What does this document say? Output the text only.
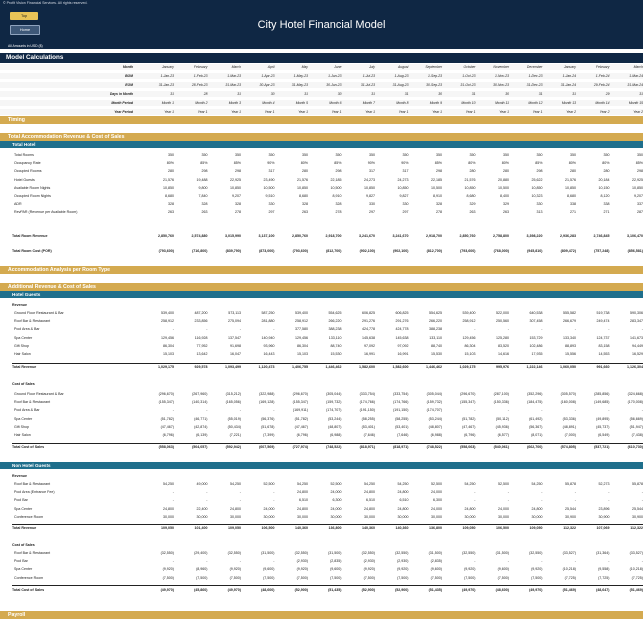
© Profit Vision Financial Services. All rights reserved.
Top
Home	City Hotel Financial Model
All Amounts in USD ($)
Model Calculations
Month	January	February	March	April	May	June	July	August	September	October	November	December	January	February	March
BOM	1-Jan-23	1-Feb-23	1-Mar-23	1-Apr-23	1-May-23	1-Jun-23	1-Jul-23	1-Aug-23	1-Sep-23	1-Oct-23	1-Nov-23	1-Dec-23	1-Jan-24	1-Feb-24	1-Mar-24
EOM	31-Jan-23	28-Feb-23	31-Mar-23	30-Apr-23	31-May-23	30-Jun-23	31-Jul-23	31-Aug-23	30-Sep-23	31-Oct-23	30-Nov-23	31-Dec-23	31-Jan-24	29-Feb-24	31-Mar-24
Days in Month	31	28	31	30	31	30	31	31	30	31	30	31	31	29	31
Month Period	Month 1	Month 2	Month 3	Month 4	Month 5	Month 6	Month 7	Month 8	Month 9	Month 10	Month 11	Month 12	Month 13	Month 14	Month 15
Year Period	Year 1	Year 1	Year 1	Year 1	Year 1	Year 1	Year 1	Year 1	Year 1	Year 1	Year 1	Year 1	Year 2	Year 2	Year 2
Timing
Total Accommodation Revenue & Cost of Sales
Total Hotel
Total Rooms	350	350	350	350	350	350	350	350	350	350	350	350	350	350	350
Occupancy Rate	80%	85%	85%	90%	80%	85%	90%	90%	85%	80%	80%	85%	80%	80%	85%
Occupied Rooms	280	298	298	317	280	298	317	317	298	280	280	298	280	280	298
Hotel Guests	21,576	19,488	22,925	23,490	21,576	22,185	24,273	24,273	22,185	21,576	20,880	25,622	21,576	20,184	22,925
Available Room Nights	10,850	9,800	10,850	10,500	10,850	10,500	10,850	10,850	10,500	10,850	10,500	10,850	10,850	10,150	10,850
Occupied Room Nights	8,680	7,840	9,207	9,510	8,680	8,910	9,827	9,827	8,910	8,680	8,400	10,323	8,680	8,120	9,207
ADR	328	328	328	330	328	328	330	330	328	329	329	330	338	338	337
RevPAR (Revenue per Available Room)	263	263	278	297	263	278	297	297	278	263	263	313	271	271	287
Total Room Revenue	2,850,760	2,574,880	3,015,990	3,137,100	2,850,760	2,918,700	3,241,670	3,241,670	2,918,700	2,850,760	2,758,800	3,398,220	2,936,283	2,746,845	3,106,470
Total Room Cost (POR)	(793,600)	(716,800)	(839,790)	(873,000)	(793,600)	(812,700)	(902,100)	(902,100)	(812,700)	(793,600)	(768,000)	(945,810)	(809,472)	(757,248)	(856,581)
Accommodation Analysis per Room Type
Additional Revenue & Cost of Sales
Hotel Guests
Revenue
Ground Floor Restaurant & Bar	539,400	487,200	573,113	587,250	539,400	554,625	606,825	606,825	554,625	539,400	522,000	640,538	555,582	519,738	590,306
Roof Bar & Restaurant	258,912	233,856	275,094	281,880	258,912	266,220	291,276	291,276	266,220	258,912	250,560	307,458	266,679	249,474	283,347
Pool Area & Bar	-	-	-	-	377,580	388,238	424,778	424,778	388,238	-	-	-	-	-	-
Spa Center	129,456	116,928	137,547	140,940	129,456	133,110	145,638	145,638	133,110	129,456	125,280	153,729	133,340	124,737	141,673
Gift Shop	86,304	77,952	91,698	93,960	86,304	88,740	97,092	97,092	88,740	86,304	83,520	102,486	88,893	83,158	94,449
Hair Salon	15,103	13,642	16,047	16,443	15,103	15,530	16,991	16,991	15,530	15,103	14,616	17,935	15,556	14,553	16,529
Total Revenue	1,029,175	929,578	1,093,499	1,120,473	1,406,755	1,446,462	1,582,600	1,582,600	1,446,462	1,029,175	995,976	1,222,146	1,060,050	991,660	1,126,304
Cost of Sales
Ground Floor Restaurant & Bar	(296,670)	(267,960)	(315,212)	(322,988)	(296,670)	(305,044)	(333,754)	(333,754)	(305,044)	(296,670)	(287,100)	(352,296)	(305,570)	(285,856)	(324,668)
Roof Bar & Restaurant	(155,347)	(140,314)	(165,056)	(169,128)	(155,347)	(159,732)	(174,766)	(174,766)	(159,732)	(155,347)	(150,336)	(184,475)	(160,008)	(149,685)	(170,008)
Pool Area & Bar	-	-	-	-	(169,911)	(174,707)	(191,150)	(191,150)	(174,707)	-	-	-	-	-	-
Spa Center	(51,782)	(46,771)	(55,019)	(56,376)	(51,782)	(53,244)	(58,255)	(58,255)	(53,244)	(51,782)	(50,112)	(61,492)	(53,336)	(49,895)	(56,669)
Gift Shop	(47,467)	(42,874)	(50,434)	(51,678)	(47,467)	(48,807)	(53,401)	(53,401)	(48,807)	(47,467)	(45,936)	(56,367)	(48,891)	(45,737)	(51,947)
Hair Salon	(6,796)	(6,139)	(7,221)	(7,399)	(6,796)	(6,988)	(7,646)	(7,646)	(6,988)	(6,796)	(6,577)	(8,071)	(7,000)	(6,549)	(7,438)
Total Cost of Sales	(558,063)	(504,057)	(592,942)	(607,569)	(727,974)	(748,522)	(818,971)	(818,971)	(748,522)	(558,063)	(540,061)	(662,700)	(574,805)	(537,721)	(610,730)
Non Hotel Guests
Revenue
Roof Bar & Restaurant	54,250	49,000	54,250	52,500	54,250	52,500	54,250	54,250	52,500	54,250	52,500	54,250	55,878	52,273	55,878
Pool Area (Entrance Fee)	-	-	-	-	24,800	24,000	24,800	24,800	24,000	-	-	-	-	-	-
Pool Bar	-	-	-	-	6,510	6,300	6,510	6,510	6,300	-	-	-	-	-	-
Spa Center	24,800	22,400	24,800	24,000	24,800	24,000	24,800	24,800	24,000	24,800	24,000	24,800	25,544	23,896	25,544
Conference Room	30,000	30,000	30,000	30,000	30,000	30,000	30,000	30,000	30,000	30,000	30,000	30,000	30,900	30,900	30,900
Total Revenue	109,050	101,400	109,050	106,500	140,360	136,800	140,360	140,360	136,800	109,050	106,500	109,050	112,322	107,069	112,322
Cost of Sales
Roof Bar & Restaurant	(32,550)	(29,400)	(32,550)	(31,500)	(32,550)	(31,500)	(32,550)	(32,550)	(31,500)	(32,550)	(31,500)	(32,550)	(33,527)	(31,364)	(33,527)
Pool Bar	-	-	-	-	(2,930)	(2,835)	(2,930)	(2,930)	(2,835)	-	-	-	-	-	-
Spa Center	(9,920)	(8,960)	(9,920)	(9,600)	(9,920)	(9,600)	(9,920)	(9,920)	(9,600)	(9,920)	(9,600)	(9,920)	(10,218)	(9,558)	(10,218)
Conference Room	(7,500)	(7,500)	(7,500)	(7,500)	(7,500)	(7,500)	(7,500)	(7,500)	(7,500)	(7,500)	(7,500)	(7,500)	(7,725)	(7,725)	(7,725)
Total Cost of Sales	(49,970)	(45,860)	(49,970)	(48,600)	(52,900)	(51,435)	(52,900)	(52,900)	(51,435)	(49,970)	(48,600)	(49,970)	(51,469)	(48,647)	(51,469)
Payroll
